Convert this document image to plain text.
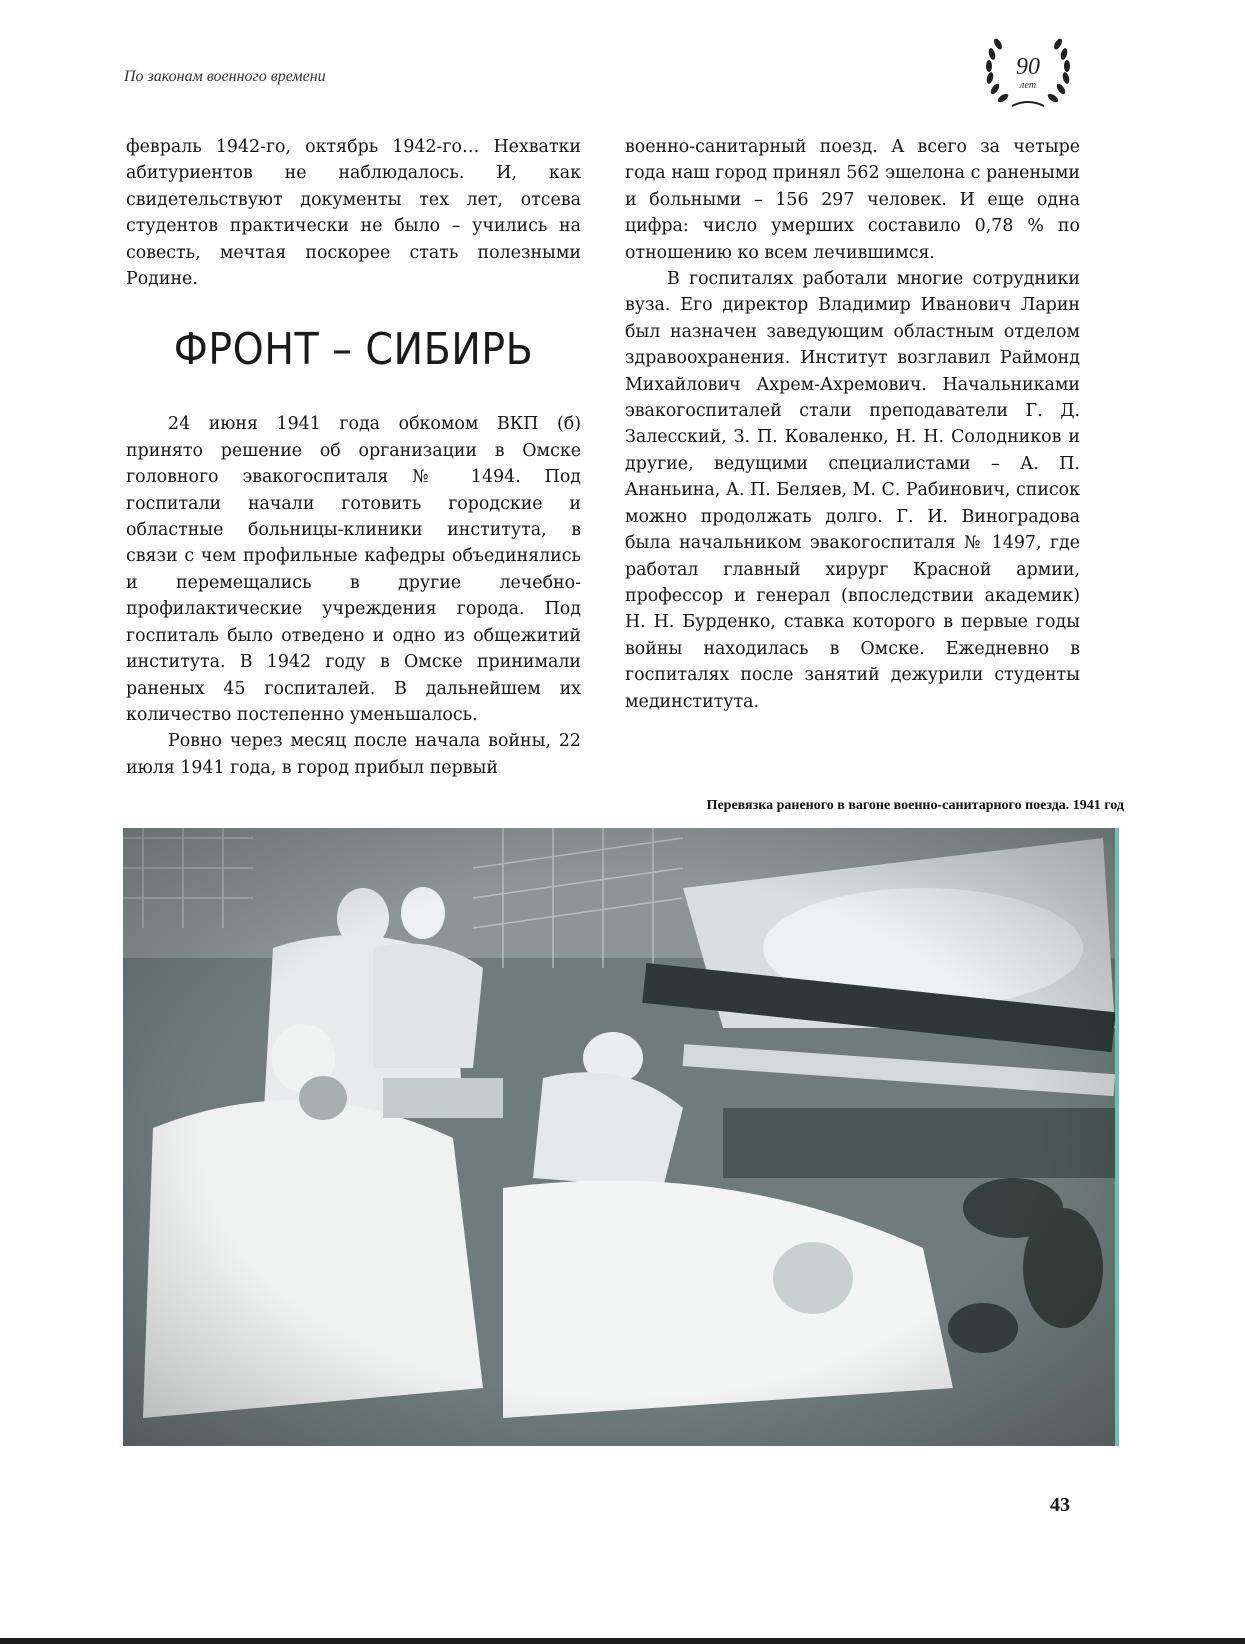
По законам военного времени	90
лет

февраль 1942-го, октябрь 1942-го… Нехватки абитуриентов не наблюдалось. И, как свидетельствуют документы тех лет, отсева студентов практически не было – учились на совесть, мечтая поскорее стать полезными Родине.

ФРОНТ – СИБИРЬ

24 июня 1941 года обкомом ВКП (б) принято решение об организации в Омске головного эвакогоспиталя № 1494. Под госпитали начали готовить городские и областные больницы-клиники института, в связи с чем профильные кафедры объединялись и перемещались в другие лечебно-профилактические учреждения города. Под госпиталь было отведено и одно из общежитий института. В 1942 году в Омске принимали раненых 45 госпиталей. В дальнейшем их количество постепенно уменьшалось.

Ровно через месяц после начала войны, 22 июля 1941 года, в город прибыл первый

военно-санитарный поезд. А всего за четыре года наш город принял 562 эшелона с ранеными и больными – 156 297 человек. И еще одна цифра: число умерших составило 0,78 % по отношению ко всем лечившимся.

В госпиталях работали многие сотрудники вуза. Его директор Владимир Иванович Ларин был назначен заведующим областным отделом здравоохранения. Институт возглавил Раймонд Михайлович Ахрем-Ахремович. Начальниками эвакогоспиталей стали преподаватели Г. Д. Залесский, З. П. Коваленко, Н. Н. Солодников и другие, ведущими специалистами – А. П. Ананьина, А. П. Беляев, М. С. Рабинович, список можно продолжать долго. Г. И. Виноградова была начальником эвакогоспиталя № 1497, где работал главный хирург Красной армии, профессор и генерал (впоследствии академик) Н. Н. Бурденко, ставка которого в первые годы войны находилась в Омске. Ежедневно в госпиталях после занятий дежурили студенты мединститута.

Перевязка раненого в вагоне военно-санитарного поезда. 1941 год
43
